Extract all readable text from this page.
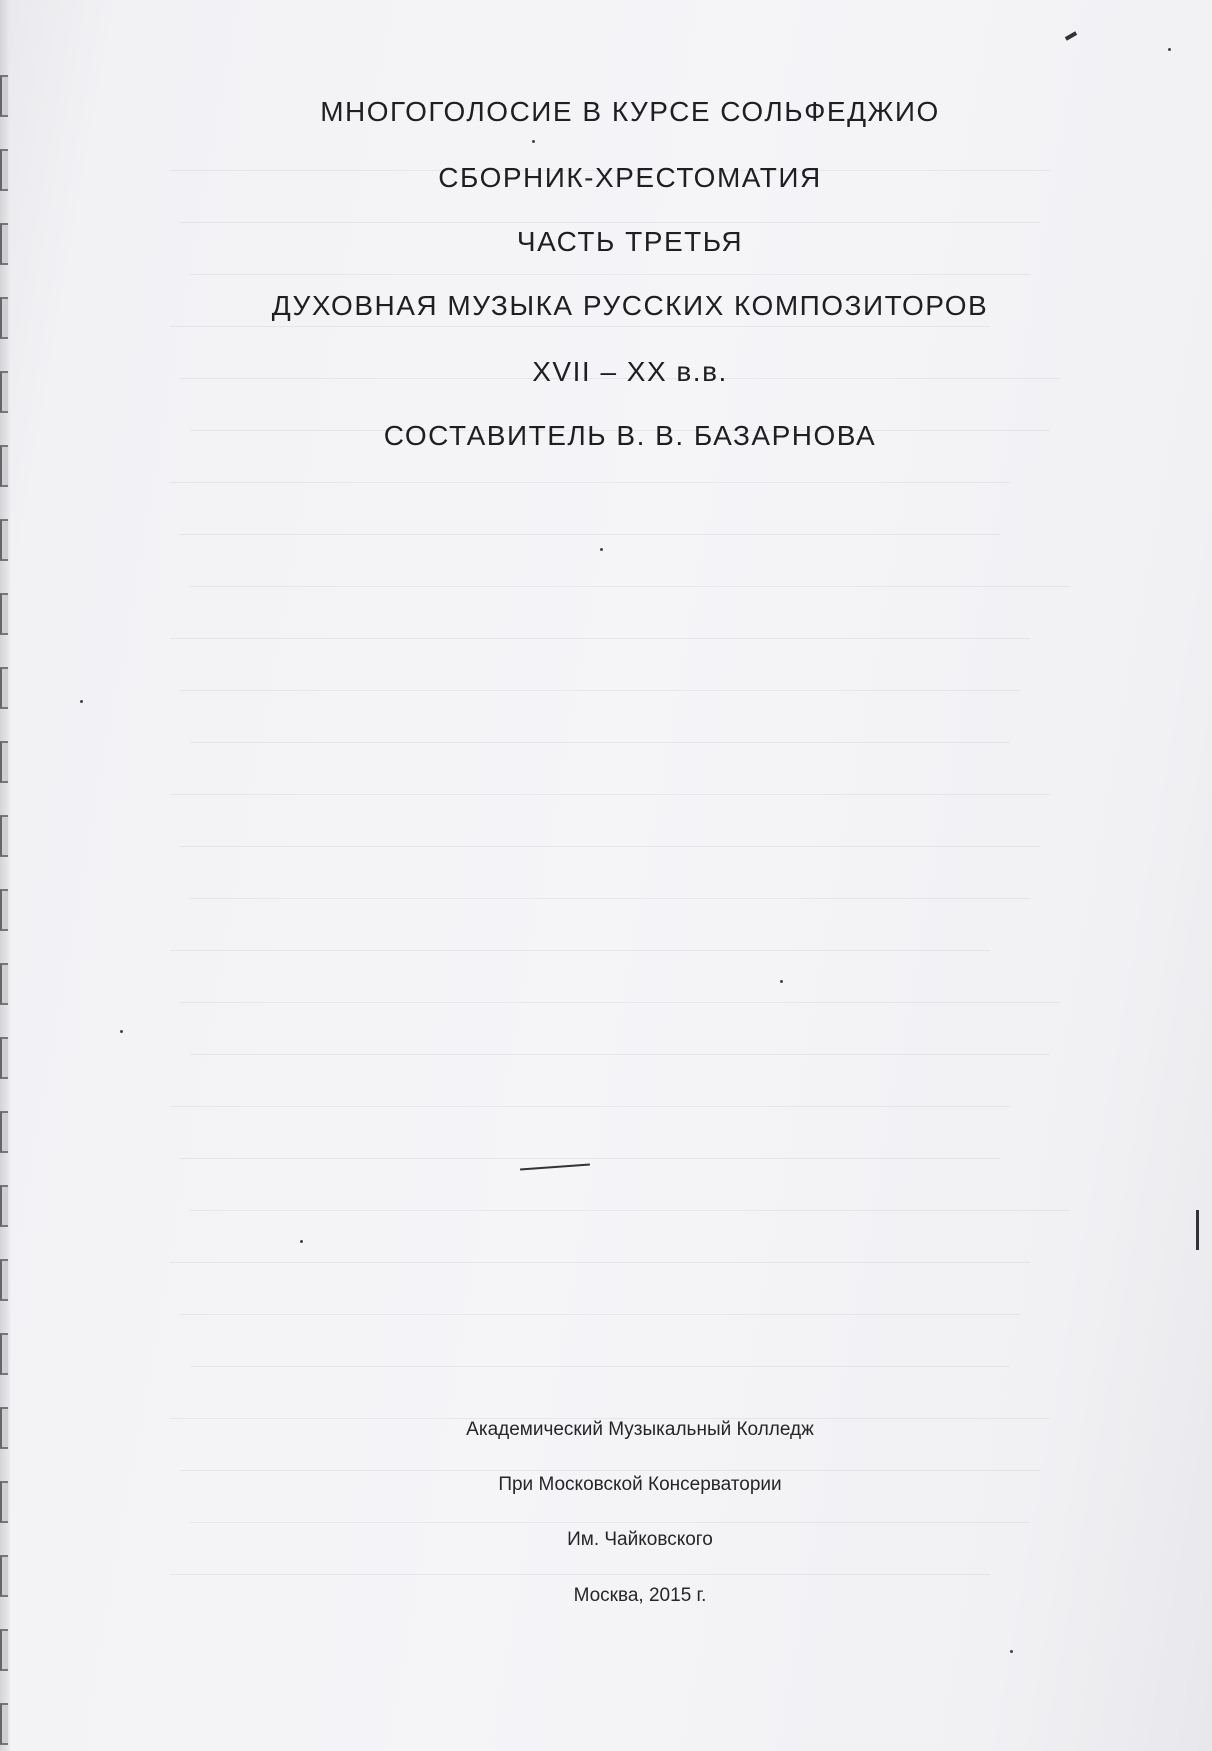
МНОГОГОЛОСИЕ В КУРСЕ СОЛЬФЕДЖИО
СБОРНИК-ХРЕСТОМАТИЯ
ЧАСТЬ ТРЕТЬЯ
ДУХОВНАЯ МУЗЫКА РУССКИХ КОМПОЗИТОРОВ
XVII – XX в.в.
СОСТАВИТЕЛЬ В. В. БАЗАРНОВА
Академический Музыкальный Колледж
При Московской Консерватории
Им. Чайковского
Москва, 2015 г.
